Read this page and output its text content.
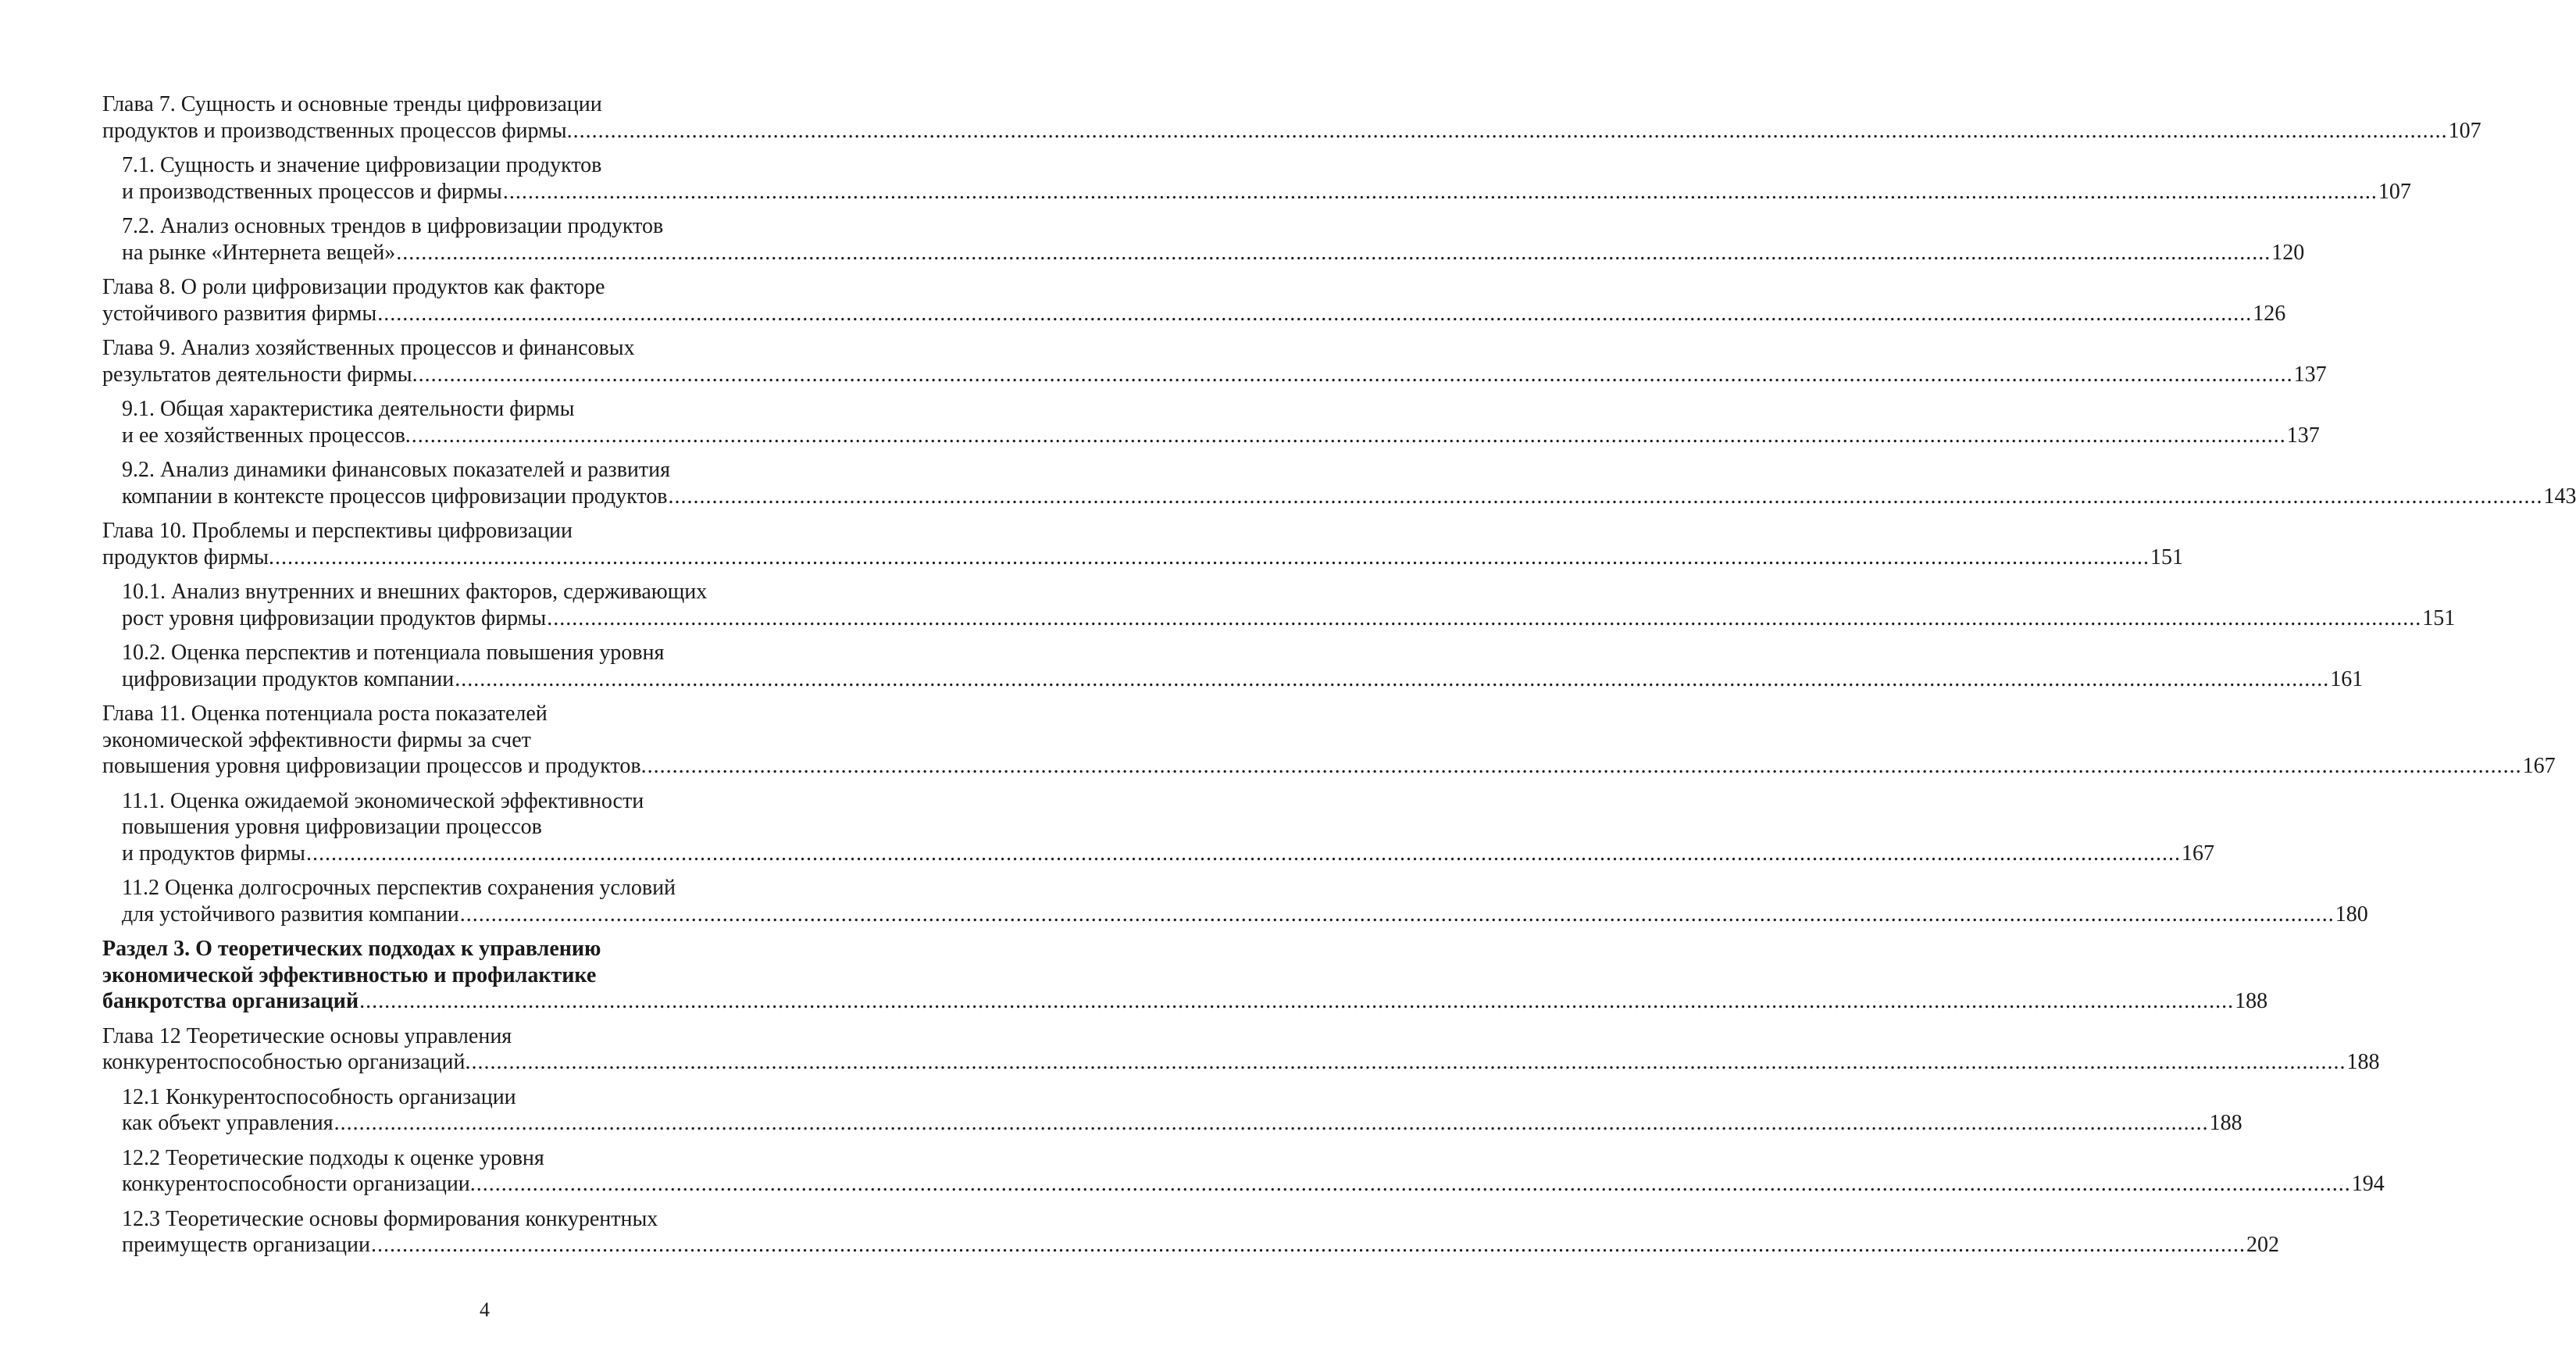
Глава 7. Сущность и основные тренды цифровизации
продуктов и производственных процессов фирмы. ............................................................................................................................................................................................................................................................................................................ 107
7.1. Сущность и значение цифровизации продуктов
и производственных процессов и фирмы ............................................................................................................................................................................................................................................................................................................ 107
7.2. Анализ основных трендов в цифровизации продуктов
на рынке «Интернета вещей» ............................................................................................................................................................................................................................................................................................................ 120
Глава 8. О роли цифровизации продуктов как факторе
устойчивого развития фирмы ............................................................................................................................................................................................................................................................................................................ 126
Глава 9. Анализ хозяйственных процессов и финансовых
результатов деятельности фирмы. ............................................................................................................................................................................................................................................................................................................ 137
9.1. Общая характеристика деятельности фирмы
и ее хозяйственных процессов. ............................................................................................................................................................................................................................................................................................................ 137
9.2. Анализ динамики финансовых показателей и развития
компании в контексте процессов цифровизации продуктов ............................................................................................................................................................................................................................................................................................................ 143
Глава 10. Проблемы и перспективы цифровизации
продуктов фирмы. ............................................................................................................................................................................................................................................................................................................ 151
10.1. Анализ внутренних и внешних факторов, сдерживающих
рост уровня цифровизации продуктов фирмы ............................................................................................................................................................................................................................................................................................................ 151
10.2. Оценка перспектив и потенциала повышения уровня
цифровизации продуктов компании ............................................................................................................................................................................................................................................................................................................ 161
Глава 11. Оценка потенциала роста показателей
экономической эффективности фирмы за счет
повышения уровня цифровизации процессов и продуктов. ............................................................................................................................................................................................................................................................................................................ 167
11.1. Оценка ожидаемой экономической эффективности
повышения уровня цифровизации процессов
и продуктов фирмы ............................................................................................................................................................................................................................................................................................................ 167
11.2 Оценка долгосрочных перспектив сохранения условий
для устойчивого развития компании ............................................................................................................................................................................................................................................................................................................ 180
Раздел 3. О теоретических подходах к управлению
экономической эффективностью и профилактике
банкротства организаций ............................................................................................................................................................................................................................................................................................................ 188
Глава 12 Теоретические основы управления
конкурентоспособностью организаций. ............................................................................................................................................................................................................................................................................................................ 188
12.1 Конкурентоспособность организации
как объект управления ............................................................................................................................................................................................................................................................................................................ 188
12.2 Теоретические подходы к оценке уровня
конкурентоспособности организации. ............................................................................................................................................................................................................................................................................................................ 194
12.3 Теоретические основы формирования конкурентных
преимуществ организации ............................................................................................................................................................................................................................................................................................................ 202
4
